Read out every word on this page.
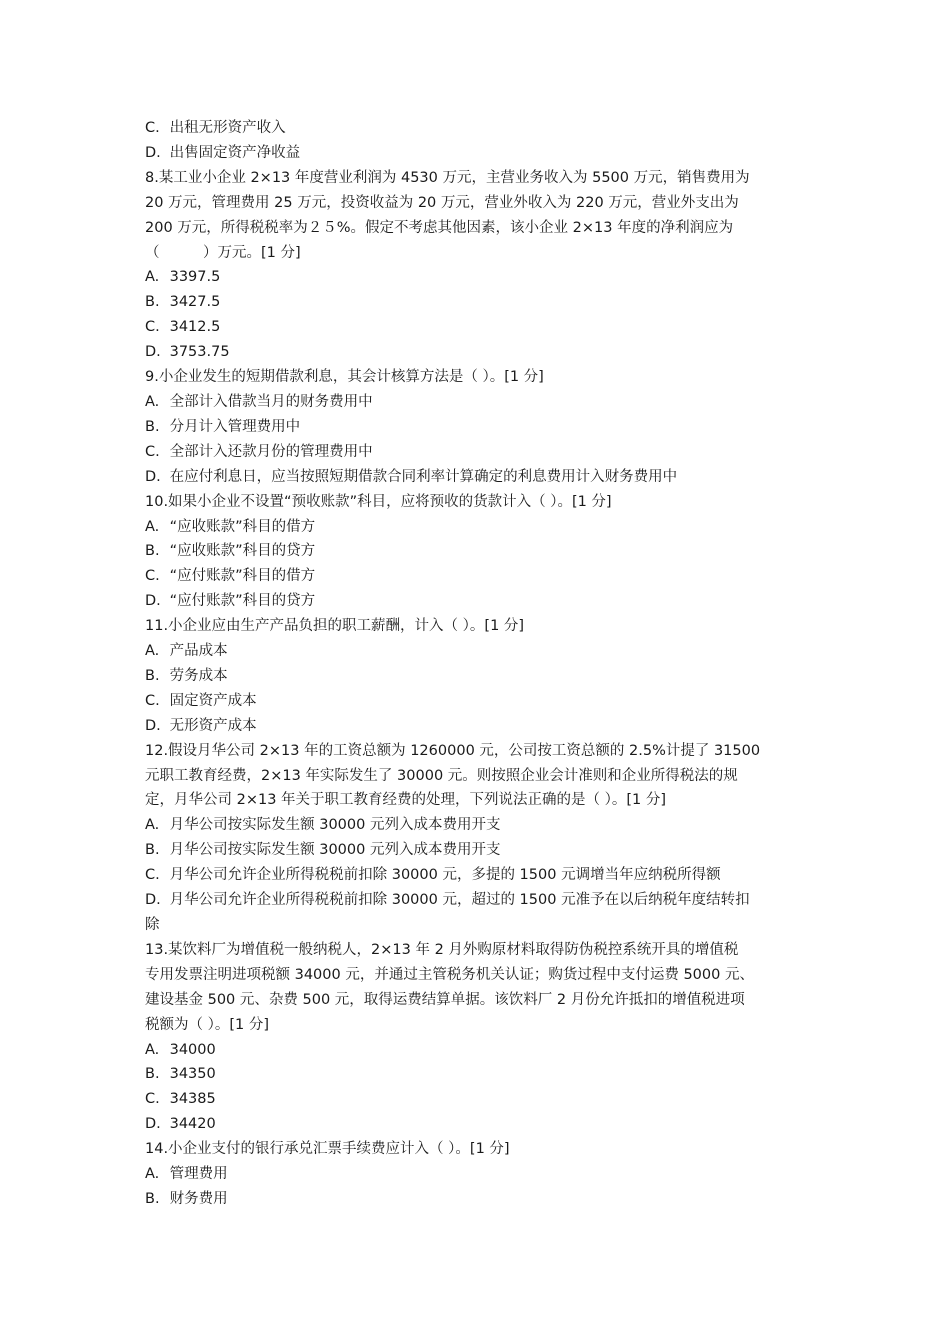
C. 出租无形资产收入
D. 出售固定资产净收益
8.某工业小企业 2×13 年度营业利润为 4530 万元，主营业务收入为 5500 万元，销售费用为
20 万元，管理费用 25 万元，投资收益为 20 万元，营业外收入为 220 万元，营业外支出为
200 万元，所得税税率为２５%。假定不考虑其他因素，该小企业 2×13 年度的净利润应为
（　　　）万元。[1 分]
A. 3397.5
B. 3427.5
C. 3412.5
D. 3753.75
9.小企业发生的短期借款利息，其会计核算方法是（ ）。[1 分]
A. 全部计入借款当月的财务费用中
B. 分月计入管理费用中
C. 全部计入还款月份的管理费用中
D. 在应付利息日，应当按照短期借款合同利率计算确定的利息费用计入财务费用中
10.如果小企业不设置“预收账款”科目，应将预收的货款计入（ ）。[1 分]
A. “应收账款”科目的借方
B. “应收账款”科目的贷方
C. “应付账款”科目的借方
D. “应付账款”科目的贷方
11.小企业应由生产产品负担的职工薪酬，计入（ ）。[1 分]
A. 产品成本
B. 劳务成本
C. 固定资产成本
D. 无形资产成本
12.假设月华公司 2×13 年的工资总额为 1260000 元，公司按工资总额的 2.5%计提了 31500
元职工教育经费，2×13 年实际发生了 30000 元。则按照企业会计准则和企业所得税法的规
定，月华公司 2×13 年关于职工教育经费的处理，下列说法正确的是（ ）。[1 分]
A. 月华公司按实际发生额 30000 元列入成本费用开支
B. 月华公司按实际发生额 30000 元列入成本费用开支
C. 月华公司允许企业所得税税前扣除 30000 元，多提的 1500 元调增当年应纳税所得额
D. 月华公司允许企业所得税税前扣除 30000 元，超过的 1500 元准予在以后纳税年度结转扣
除
13.某饮料厂为增值税一般纳税人，2×13 年 2 月外购原材料取得防伪税控系统开具的增值税
专用发票注明进项税额 34000 元，并通过主管税务机关认证；购货过程中支付运费 5000 元、
建设基金 500 元、杂费 500 元，取得运费结算单据。该饮料厂 2 月份允许抵扣的增值税进项
税额为（ ）。[1 分]
A. 34000
B. 34350
C. 34385
D. 34420
14.小企业支付的银行承兑汇票手续费应计入（ ）。[1 分]
A. 管理费用
B. 财务费用
